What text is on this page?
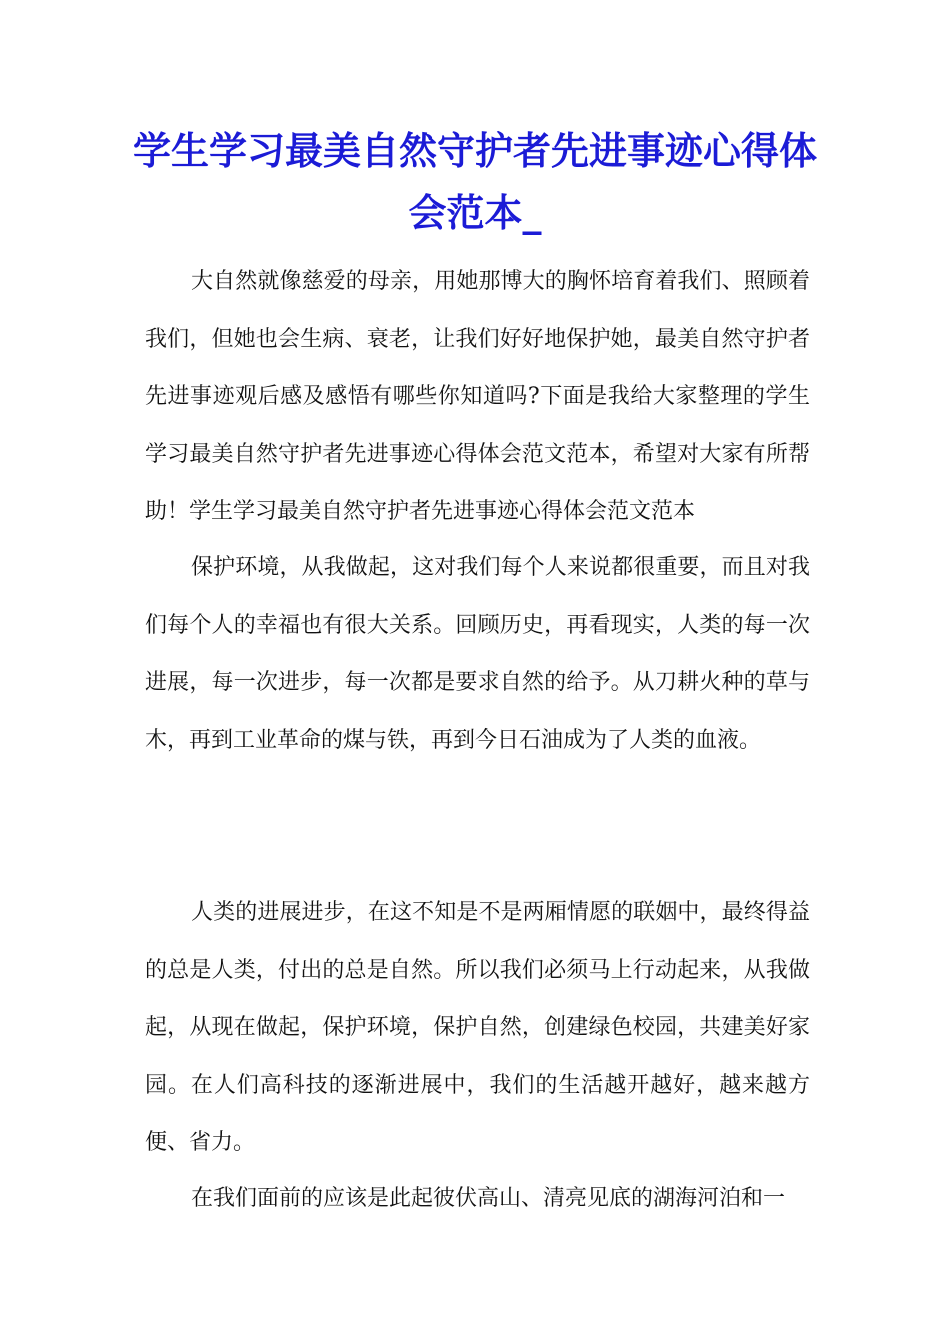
学生学习最美自然守护者先进事迹心得体会范本_

大自然就像慈爱的母亲，用她那博大的胸怀培育着我们、照顾着我们，但她也会生病、衰老，让我们好好地保护她，最美自然守护者先进事迹观后感及感悟有哪些你知道吗?下面是我给大家整理的学生学习最美自然守护者先进事迹心得体会范文范本，希望对大家有所帮助！学生学习最美自然守护者先进事迹心得体会范文范本

保护环境，从我做起，这对我们每个人来说都很重要，而且对我们每个人的幸福也有很大关系。回顾历史，再看现实，人类的每一次进展，每一次进步，每一次都是要求自然的给予。从刀耕火种的草与木，再到工业革命的煤与铁，再到今日石油成为了人类的血液。

人类的进展进步，在这不知是不是两厢情愿的联姻中，最终得益的总是人类，付出的总是自然。所以我们必须马上行动起来，从我做起，从现在做起，保护环境，保护自然，创建绿色校园，共建美好家园。在人们高科技的逐渐进展中，我们的生活越开越好，越来越方便、省力。

在我们面前的应该是此起彼伏高山、清亮见底的湖海河泊和一
